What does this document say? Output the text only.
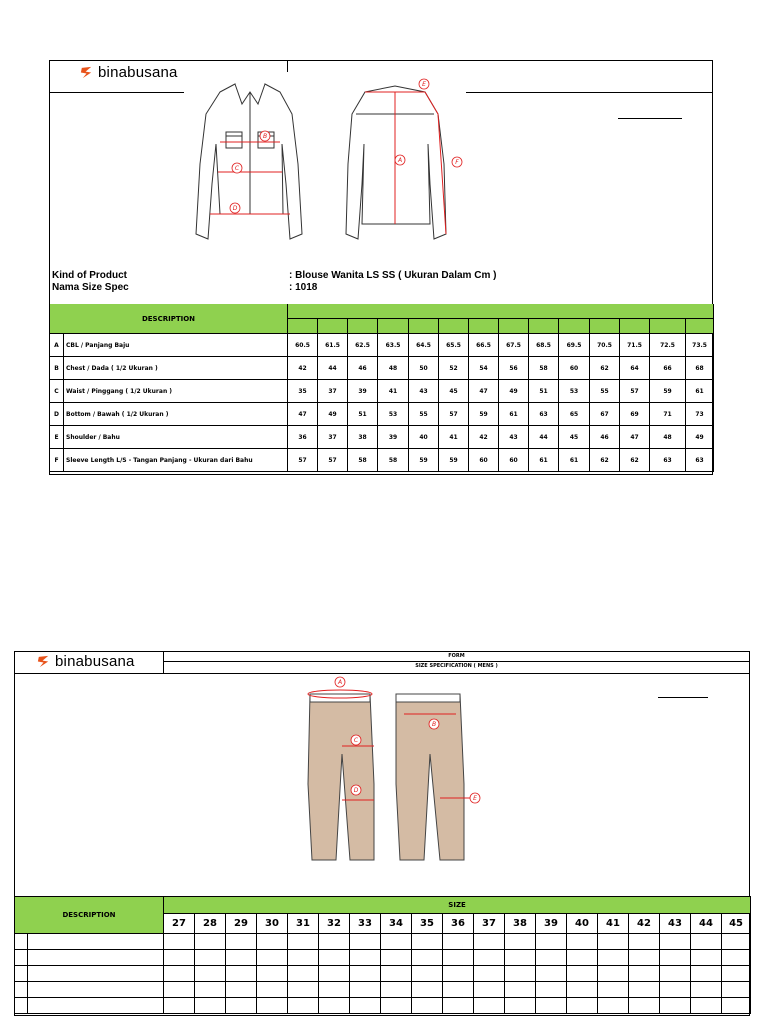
binabusana
B
C
D
A
E
F
Kind of Product
Nama Size Spec
: Blouse Wanita LS SS ( Ukuran Dalam Cm )
: 1018
DESCRIPTION															

A	CBL / Panjang Baju	60.5	61.5	62.5	63.5	64.5	65.5	66.5	67.5	68.5	69.5	70.5	71.5	72.5	73.5
B	Chest / Dada ( 1/2 Ukuran )	42	44	46	48	50	52	54	56	58	60	62	64	66	68
C	Waist / Pinggang ( 1/2 Ukuran )	35	37	39	41	43	45	47	49	51	53	55	57	59	61
D	Bottom / Bawah ( 1/2 Ukuran )	47	49	51	53	55	57	59	61	63	65	67	69	71	73
E	Shoulder / Bahu	36	37	38	39	40	41	42	43	44	45	46	47	48	49
F	Sleeve Length L/S - Tangan Panjang - Ukuran dari Bahu	57	57	58	58	59	59	60	60	61	61	62	62	63	63
binabusana	FORM
SIZE SPECIFICATION ( MENS )
A
C
D
B
E
DESCRIPTION		SIZE																		
		27	28	29	30	31	32	33	34	35	36	37	38	39	40	41	42	43	44	45
